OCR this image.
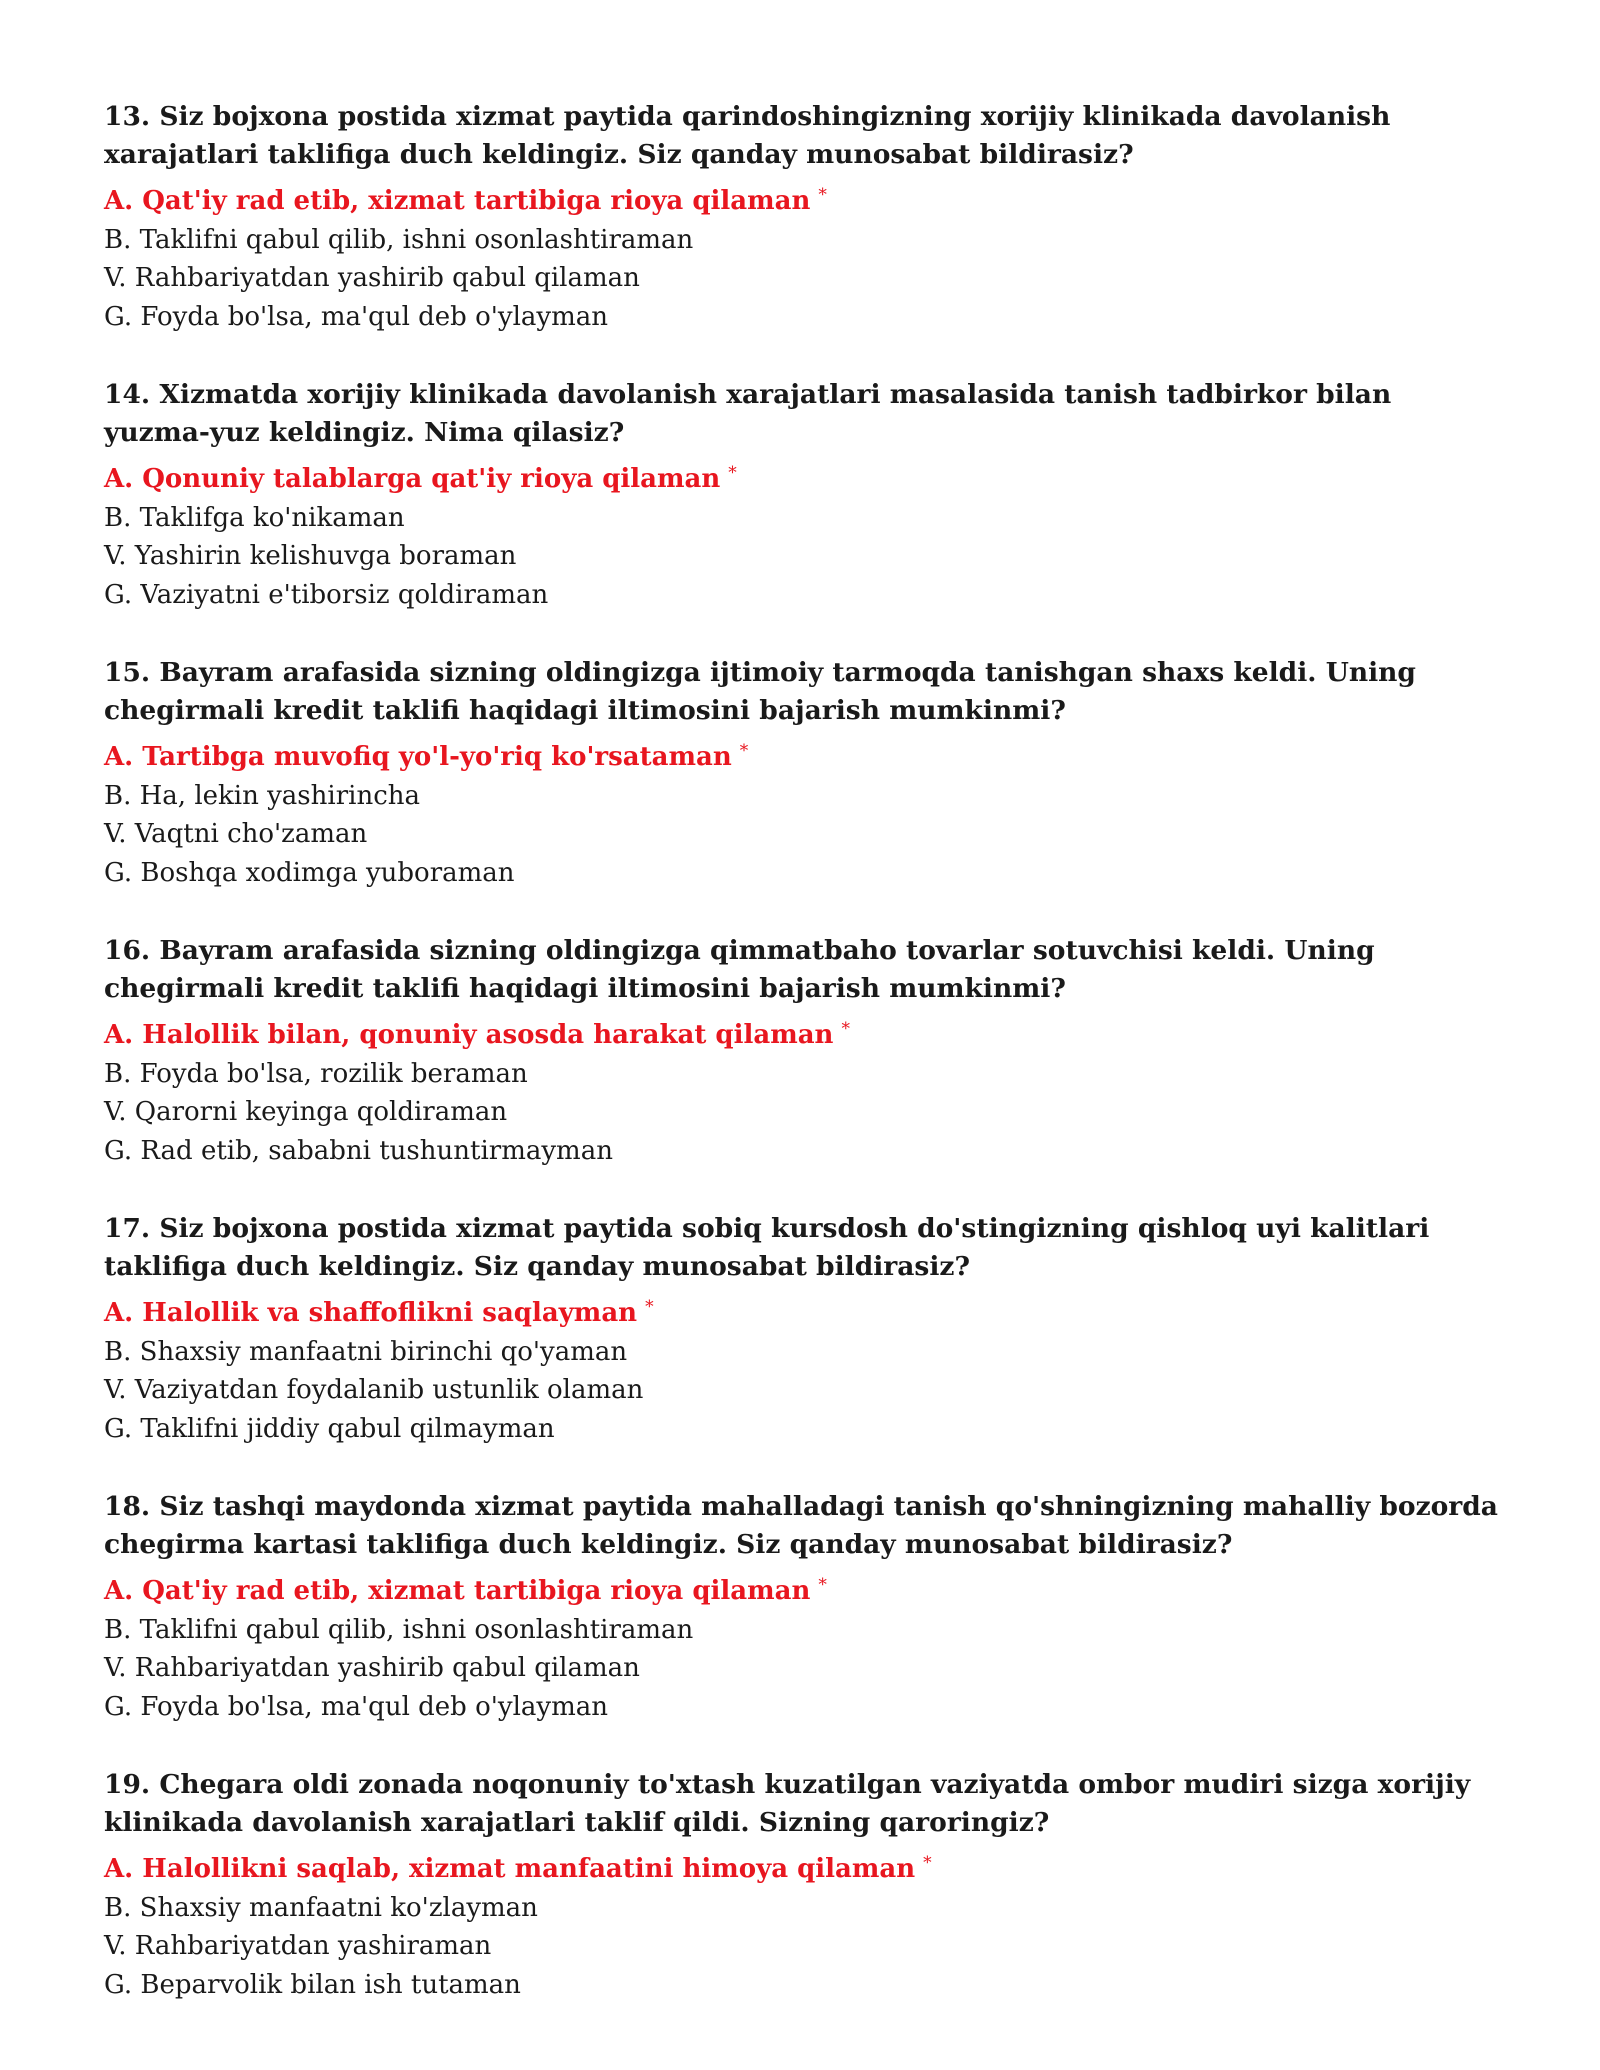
13. Siz bojxona postida xizmat paytida qarindoshingizning xorijiy klinikada davolanish xarajatlari taklifiga duch keldingiz. Siz qanday munosabat bildirasiz?

A. Qat'iy rad etib, xizmat tartibiga rioya qilaman *

B. Taklifni qabul qilib, ishni osonlashtiraman

V. Rahbariyatdan yashirib qabul qilaman

G. Foyda bo'lsa, ma'qul deb o'ylayman

14. Xizmatda xorijiy klinikada davolanish xarajatlari masalasida tanish tadbirkor bilan yuzma-yuz keldingiz. Nima qilasiz?

A. Qonuniy talablarga qat'iy rioya qilaman *

B. Taklifga ko'nikaman

V. Yashirin kelishuvga boraman

G. Vaziyatni e'tiborsiz qoldiraman

15. Bayram arafasida sizning oldingizga ijtimoiy tarmoqda tanishgan shaxs keldi. Uning chegirmali kredit taklifi haqidagi iltimosini bajarish mumkinmi?

A. Tartibga muvofiq yo'l-yo'riq ko'rsataman *

B. Ha, lekin yashirincha

V. Vaqtni cho'zaman

G. Boshqa xodimga yuboraman

16. Bayram arafasida sizning oldingizga qimmatbaho tovarlar sotuvchisi keldi. Uning chegirmali kredit taklifi haqidagi iltimosini bajarish mumkinmi?

A. Halollik bilan, qonuniy asosda harakat qilaman *

B. Foyda bo'lsa, rozilik beraman

V. Qarorni keyinga qoldiraman

G. Rad etib, sababni tushuntirmayman

17. Siz bojxona postida xizmat paytida sobiq kursdosh do'stingizning qishloq uyi kalitlari taklifiga duch keldingiz. Siz qanday munosabat bildirasiz?

A. Halollik va shaffoflikni saqlayman *

B. Shaxsiy manfaatni birinchi qo'yaman

V. Vaziyatdan foydalanib ustunlik olaman

G. Taklifni jiddiy qabul qilmayman

18. Siz tashqi maydonda xizmat paytida mahalladagi tanish qo'shningizning mahalliy bozorda chegirma kartasi taklifiga duch keldingiz. Siz qanday munosabat bildirasiz?

A. Qat'iy rad etib, xizmat tartibiga rioya qilaman *

B. Taklifni qabul qilib, ishni osonlashtiraman

V. Rahbariyatdan yashirib qabul qilaman

G. Foyda bo'lsa, ma'qul deb o'ylayman

19. Chegara oldi zonada noqonuniy to'xtash kuzatilgan vaziyatda ombor mudiri sizga xorijiy klinikada davolanish xarajatlari taklif qildi. Sizning qaroringiz?

A. Halollikni saqlab, xizmat manfaatini himoya qilaman *

B. Shaxsiy manfaatni ko'zlayman

V. Rahbariyatdan yashiraman

G. Beparvolik bilan ish tutaman
